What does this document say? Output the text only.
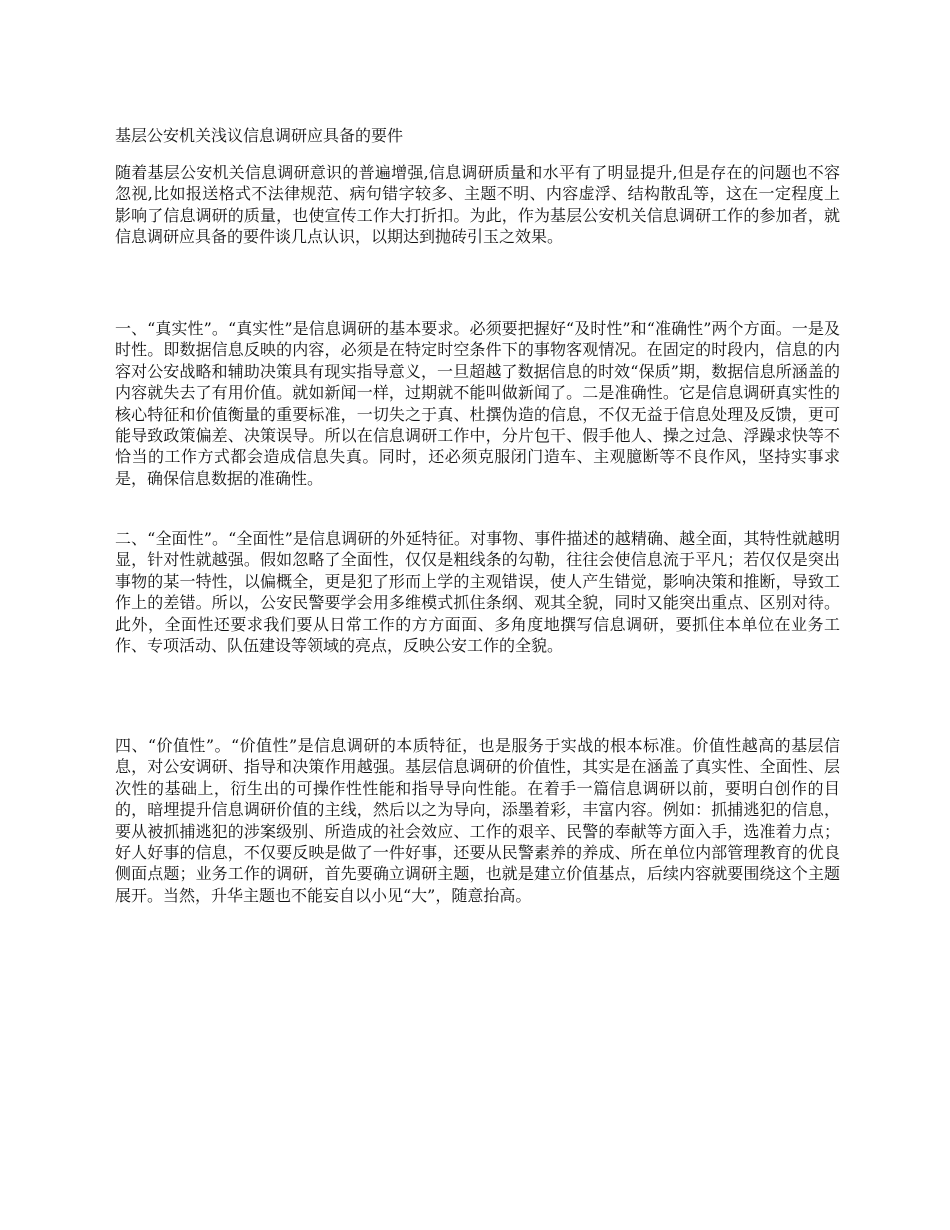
基层公安机关浅议信息调研应具备的要件

随着基层公安机关信息调研意识的普遍增强,信息调研质量和水平有了明显提升,但是存在的问题也不容忽视,比如报送格式不法律规范、病句错字较多、主题不明、内容虚浮、结构散乱等，这在一定程度上影响了信息调研的质量，也使宣传工作大打折扣。为此，作为基层公安机关信息调研工作的参加者，就信息调研应具备的要件谈几点认识，以期达到抛砖引玉之效果。

一、“真实性”。“真实性”是信息调研的基本要求。必须要把握好“及时性”和“准确性”两个方面。一是及时性。即数据信息反映的内容，必须是在特定时空条件下的事物客观情况。在固定的时段内，信息的内容对公安战略和辅助决策具有现实指导意义，一旦超越了数据信息的时效“保质”期，数据信息所涵盖的内容就失去了有用价值。就如新闻一样，过期就不能叫做新闻了。二是准确性。它是信息调研真实性的核心特征和价值衡量的重要标准，一切失之于真、杜撰伪造的信息，不仅无益于信息处理及反馈，更可能导致政策偏差、决策误导。所以在信息调研工作中，分片包干、假手他人、操之过急、浮躁求快等不恰当的工作方式都会造成信息失真。同时，还必须克服闭门造车、主观臆断等不良作风，坚持实事求是，确保信息数据的准确性。

二、“全面性”。“全面性”是信息调研的外延特征。对事物、事件描述的越精确、越全面，其特性就越明显，针对性就越强。假如忽略了全面性，仅仅是粗线条的勾勒，往往会使信息流于平凡；若仅仅是突出事物的某一特性，以偏概全，更是犯了形而上学的主观错误，使人产生错觉，影响决策和推断，导致工作上的差错。所以，公安民警要学会用多维模式抓住条纲、观其全貌，同时又能突出重点、区别对待。此外，全面性还要求我们要从日常工作的方方面面、多角度地撰写信息调研，要抓住本单位在业务工作、专项活动、队伍建设等领域的亮点，反映公安工作的全貌。

四、“价值性”。“价值性”是信息调研的本质特征，也是服务于实战的根本标准。价值性越高的基层信息，对公安调研、指导和决策作用越强。基层信息调研的价值性，其实是在涵盖了真实性、全面性、层次性的基础上，衍生出的可操作性性能和指导导向性能。在着手一篇信息调研以前，要明白创作的目的，暗埋提升信息调研价值的主线，然后以之为导向，添墨着彩，丰富内容。例如：抓捕逃犯的信息，要从被抓捕逃犯的涉案级别、所造成的社会效应、工作的艰辛、民警的奉献等方面入手，选准着力点；好人好事的信息，不仅要反映是做了一件好事，还要从民警素养的养成、所在单位内部管理教育的优良侧面点题；业务工作的调研，首先要确立调研主题，也就是建立价值基点，后续内容就要围绕这个主题展开。当然，升华主题也不能妄自以小见“大”，随意抬高。
